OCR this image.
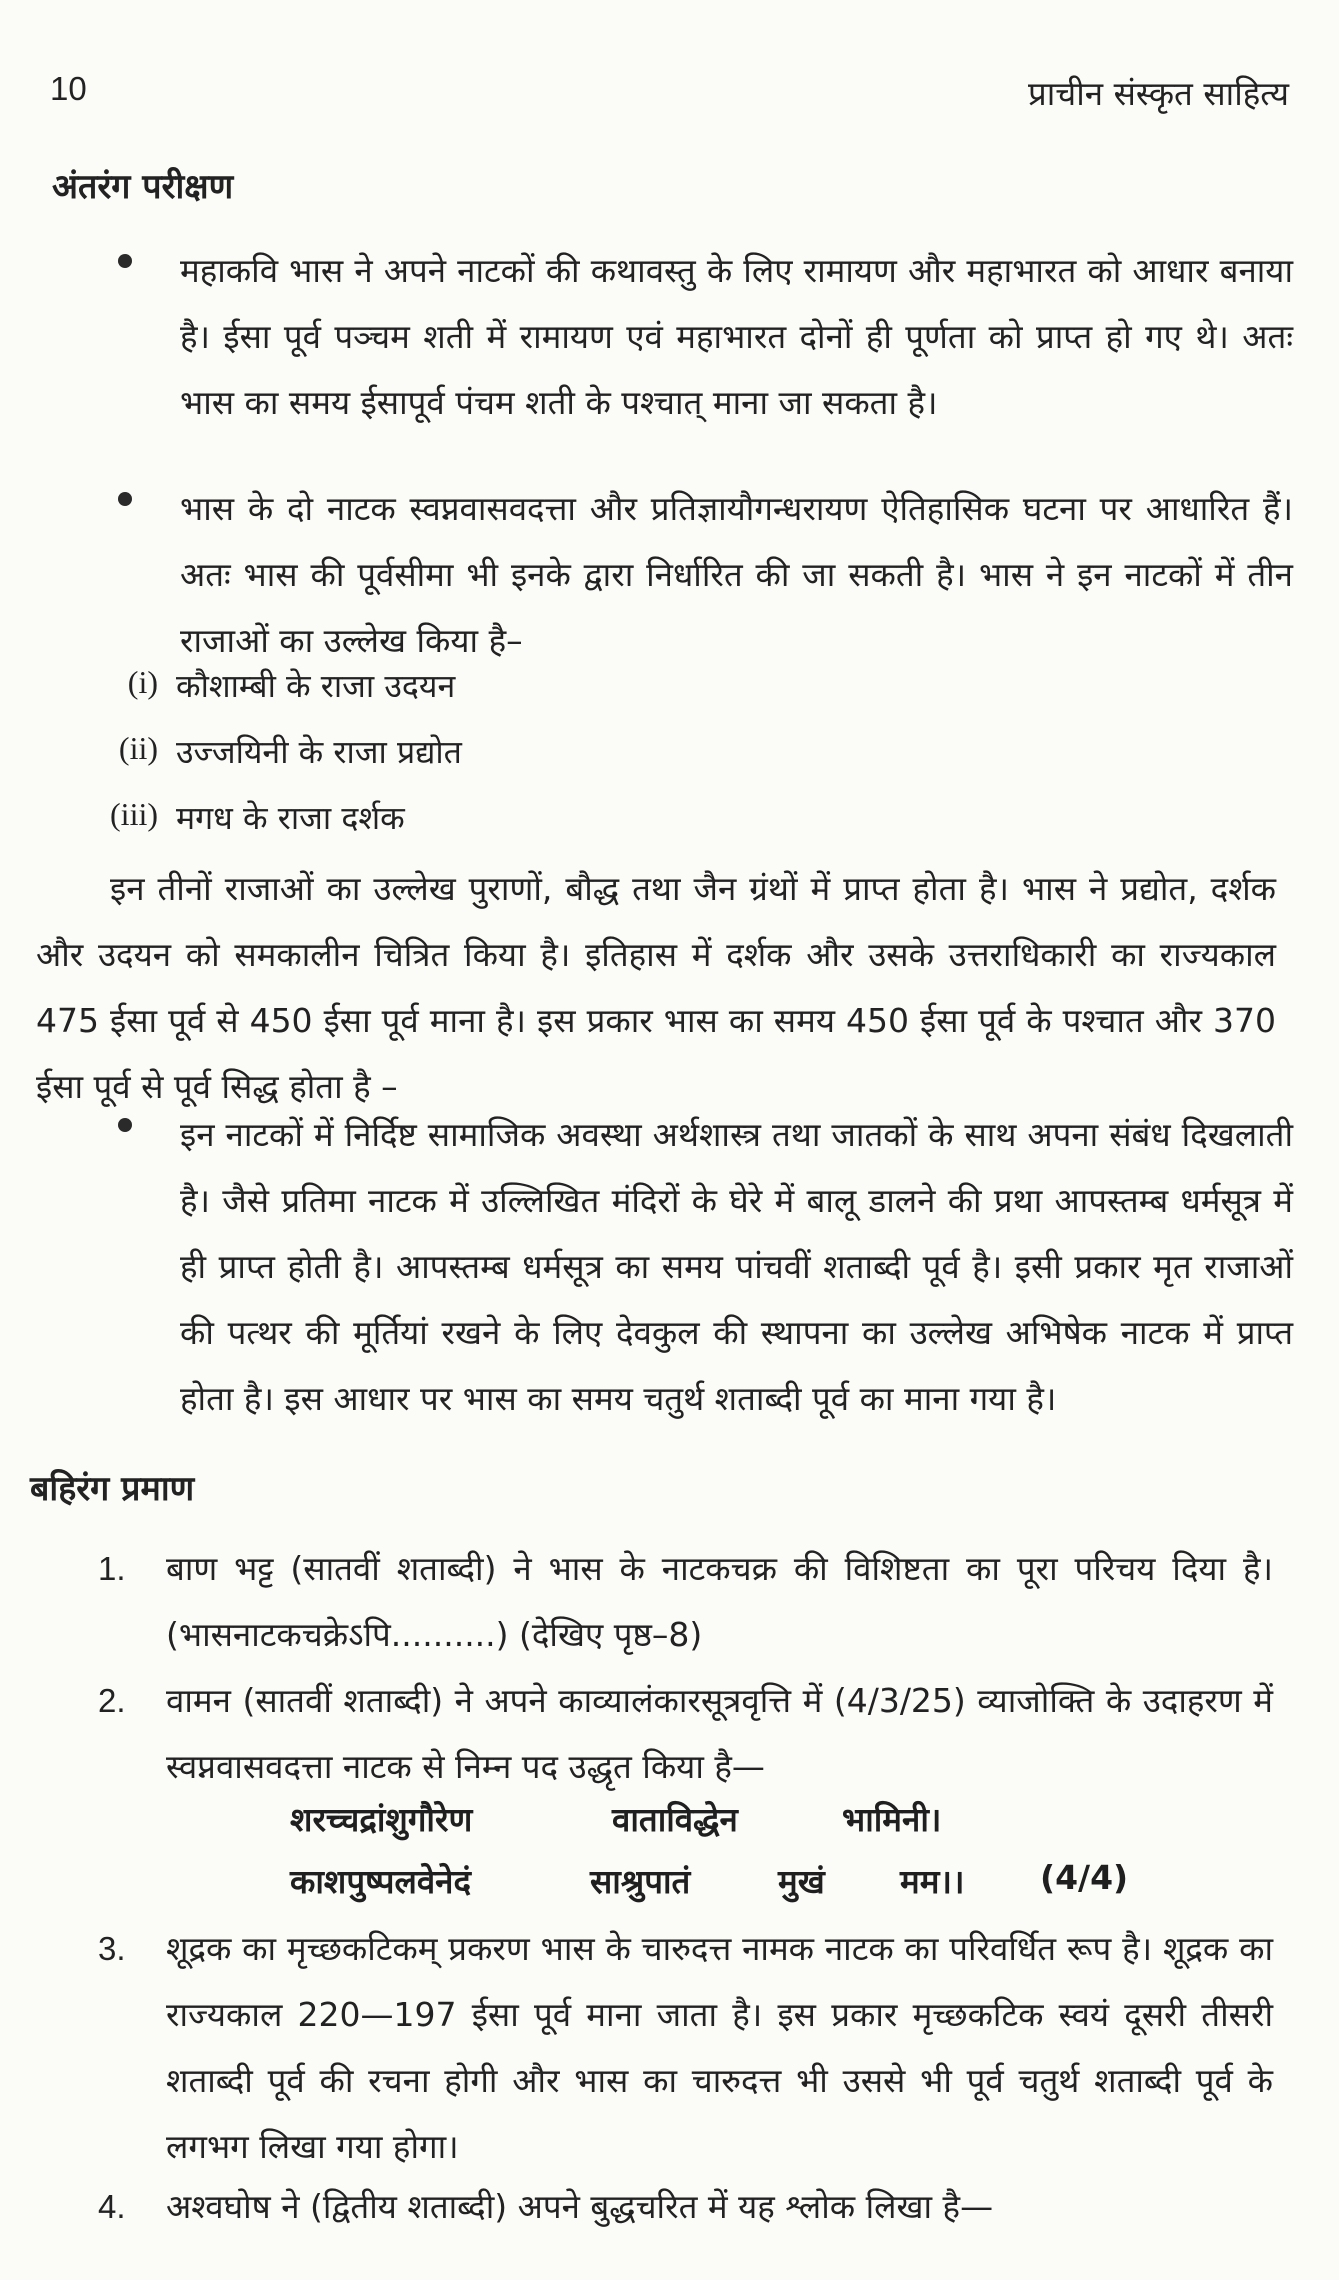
10	प्राचीन संस्कृत साहित्य
अंतरंग परीक्षण
महाकवि भास ने अपने नाटकों की कथावस्तु के लिए रामायण और महाभारत को आधार बनाया है। ईसा पूर्व पञ्चम शती में रामायण एवं महाभारत दोनों ही पूर्णता को प्राप्त हो गए थे। अतः भास का समय ईसापूर्व पंचम शती के पश्चात् माना जा सकता है।
भास के दो नाटक स्वप्नवासवदत्ता और प्रतिज्ञायौगन्धरायण ऐतिहासिक घटना पर आधारित हैं। अतः भास की पूर्वसीमा भी इनके द्वारा निर्धारित की जा सकती है। भास ने इन नाटकों में तीन राजाओं का उल्लेख किया है–
(i) कौशाम्बी के राजा उदयन
(ii) उज्जयिनी के राजा प्रद्योत
(iii) मगध के राजा दर्शक
इन तीनों राजाओं का उल्लेख पुराणों, बौद्ध तथा जैन ग्रंथों में प्राप्त होता है। भास ने प्रद्योत, दर्शक और उदयन को समकालीन चित्रित किया है। इतिहास में दर्शक और उसके उत्तराधिकारी का राज्यकाल 475 ईसा पूर्व से 450 ईसा पूर्व माना है। इस प्रकार भास का समय 450 ईसा पूर्व के पश्चात और 370 ईसा पूर्व से पूर्व सिद्ध होता है –
इन नाटकों में निर्दिष्ट सामाजिक अवस्था अर्थशास्त्र तथा जातकों के साथ अपना संबंध दिखलाती है। जैसे प्रतिमा नाटक में उल्लिखित मंदिरों के घेरे में बालू डालने की प्रथा आपस्तम्ब धर्मसूत्र में ही प्राप्त होती है। आपस्तम्ब धर्मसूत्र का समय पांचवीं शताब्दी पूर्व है। इसी प्रकार मृत राजाओं की पत्थर की मूर्तियां रखने के लिए देवकुल की स्थापना का उल्लेख अभिषेक नाटक में प्राप्त होता है। इस आधार पर भास का समय चतुर्थ शताब्दी पूर्व का माना गया है।
बहिरंग प्रमाण
1.	बाण भट्ट (सातवीं शताब्दी) ने भास के नाटकचक्र की विशिष्टता का पूरा परिचय दिया है। (भासनाटकचक्रेऽपि..........) (देखिए पृष्ठ–8)
2.	वामन (सातवीं शताब्दी) ने अपने काव्यालंकारसूत्रवृत्ति में (4/3/25) व्याजोक्ति के उदाहरण में स्वप्नवासवदत्ता नाटक से निम्न पद उद्धृत किया है—
शरच्चद्रांशुगौरेण	वाताविद्धेन	भामिनी।
काशपुष्पलवेनेदं	साश्रुपातं	मुखं मम।। (4/4)
3.	शूद्रक का मृच्छकटिकम् प्रकरण भास के चारुदत्त नामक नाटक का परिवर्धित रूप है। शूद्रक का राज्यकाल 220—197 ईसा पूर्व माना जाता है। इस प्रकार मृच्छकटिक स्वयं दूसरी तीसरी शताब्दी पूर्व की रचना होगी और भास का चारुदत्त भी उससे भी पूर्व चतुर्थ शताब्दी पूर्व के लगभग लिखा गया होगा।
4.	अश्वघोष ने (द्वितीय शताब्दी) अपने बुद्धचरित में यह श्लोक लिखा है—
